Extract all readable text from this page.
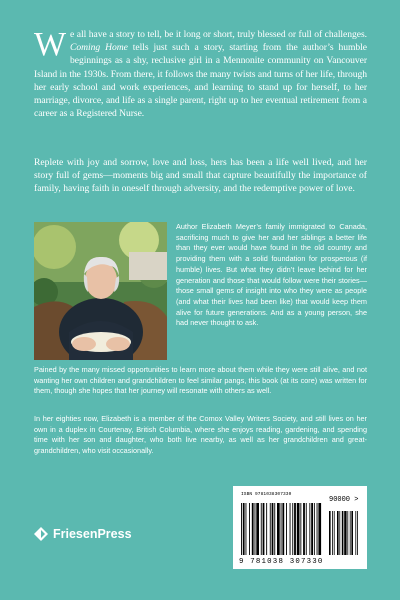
We all have a story to tell, be it long or short, truly blessed or full of challenges. Coming Home tells just such a story, starting from the author’s humble beginnings as a shy, reclusive girl in a Mennonite community on Vancouver Island in the 1930s. From there, it follows the many twists and turns of her life, through her early school and work experiences, and learning to stand up for herself, to her marriage, divorce, and life as a single parent, right up to her eventual retirement from a career as a Registered Nurse.

Replete with joy and sorrow, love and loss, hers has been a life well lived, and her story full of gems—moments big and small that capture beautifully the importance of family, having faith in oneself through adversity, and the redemptive power of love.

Author Elizabeth Meyer’s family immigrated to Canada, sacrificing much to give her and her siblings a better life than they ever would have found in the old country and providing them with a solid foundation for prosperous (if humble) lives. But what they didn’t leave behind for her generation and those that would follow were their stories—those small gems of insight into who they were as people (and what their lives had been like) that would keep them alive for future generations. And as a young person, she had never thought to ask.

Pained by the many missed opportunities to learn more about them while they were still alive, and not wanting her own children and grandchildren to feel similar pangs, this book (at its core) was written for them, though she hopes that her journey will resonate with others as well.

In her eighties now, Elizabeth is a member of the Comox Valley Writers Society, and still lives on her own in a duplex in Courtenay, British Columbia, where she enjoys reading, gardening, and spending time with her son and daughter, who both live nearby, as well as her grandchildren and great-grandchildren, who visit occasionally.

FriesenPress
ISBN 9781038307330
90000 >
9 781038 307330
